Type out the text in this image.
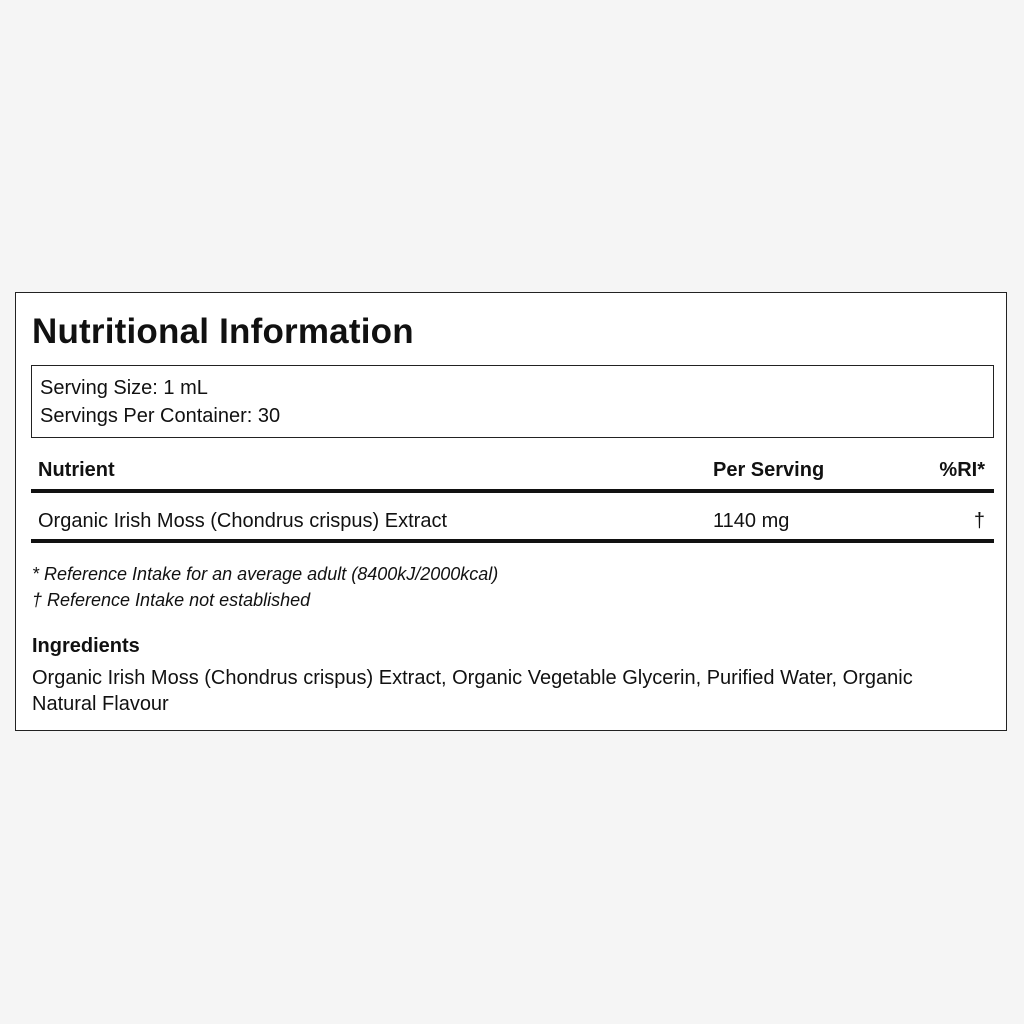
Nutritional Information
Serving Size: 1 mL
Servings Per Container: 30
Nutrient	Per Serving	%RI*
Organic Irish Moss (Chondrus crispus) Extract	1140 mg	†
* Reference Intake for an average adult (8400kJ/2000kcal)
† Reference Intake not established
Ingredients
Organic Irish Moss (Chondrus crispus) Extract, Organic Vegetable Glycerin, Purified Water, Organic Natural Flavour
